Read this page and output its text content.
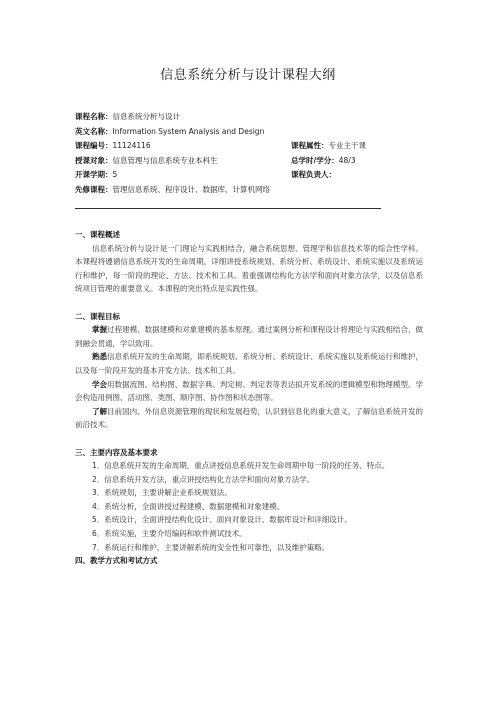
信息系统分析与设计课程大纲
课程名称：信息系统分析与设计
英文名称：Information System Analysis and Design
课程编号：11124116	课程属性：专业主干课
授课对象：信息管理与信息系统专业本科生	总学时/学分：48/3
开课学期：5	课程负责人：
先修课程：管理信息系统、程序设计、数据库、计算机网络

一、课程概述

信息系统分析与设计是一门理论与实践相结合，融合系统思想、管理学和信息技术等的综合性学科。本课程将遵循信息系统开发的生命周期，详细讲授系统规划、系统分析、系统设计、系统实施以及系统运行和维护，每一阶段的理论、方法、技术和工具。着重强调结构化方法学和面向对象方法学，以及信息系统项目管理的重要意义。本课程的突出特点是实践性强。

二、课程目标

掌握过程建模、数据建模和对象建模的基本原理。通过案例分析和课程设计将理论与实践相结合，做到融会贯通，学以致用。

熟悉信息系统开发的生命周期，即系统规划、系统分析、系统设计、系统实施以及系统运行和维护，以及每一阶段开发的基本开发方法、技术和工具。

学会用数据流图、结构图、数据字典、判定树、判定表等表达拟开发系统的逻辑模型和物理模型。学会构造用例图、活动图、类图、顺序图、协作图和状态图等。

了解目前国内、外信息资源管理的现状和发展趋势，认识到信息化的重大意义，了解信息系统开发的前沿技术。

三、主要内容及基本要求

1．信息系统开发的生命周期，重点讲授信息系统开发生命周期中每一阶段的任务、特点。

2．信息系统开发方法，重点讲授结构化方法学和面向对象方法学。

3．系统规划，主要讲解企业系统规划法。

4．系统分析，全面讲授过程建模、数据建模和对象建模。

5．系统设计，全面讲授结构化设计、面向对象设计、数据库设计和详细设计。

6．系统实施，主要介绍编码和软件测试技术。

7．系统运行和维护，主要讲解系统的安全性和可靠性，以及维护策略。

四、教学方式和考试方式
